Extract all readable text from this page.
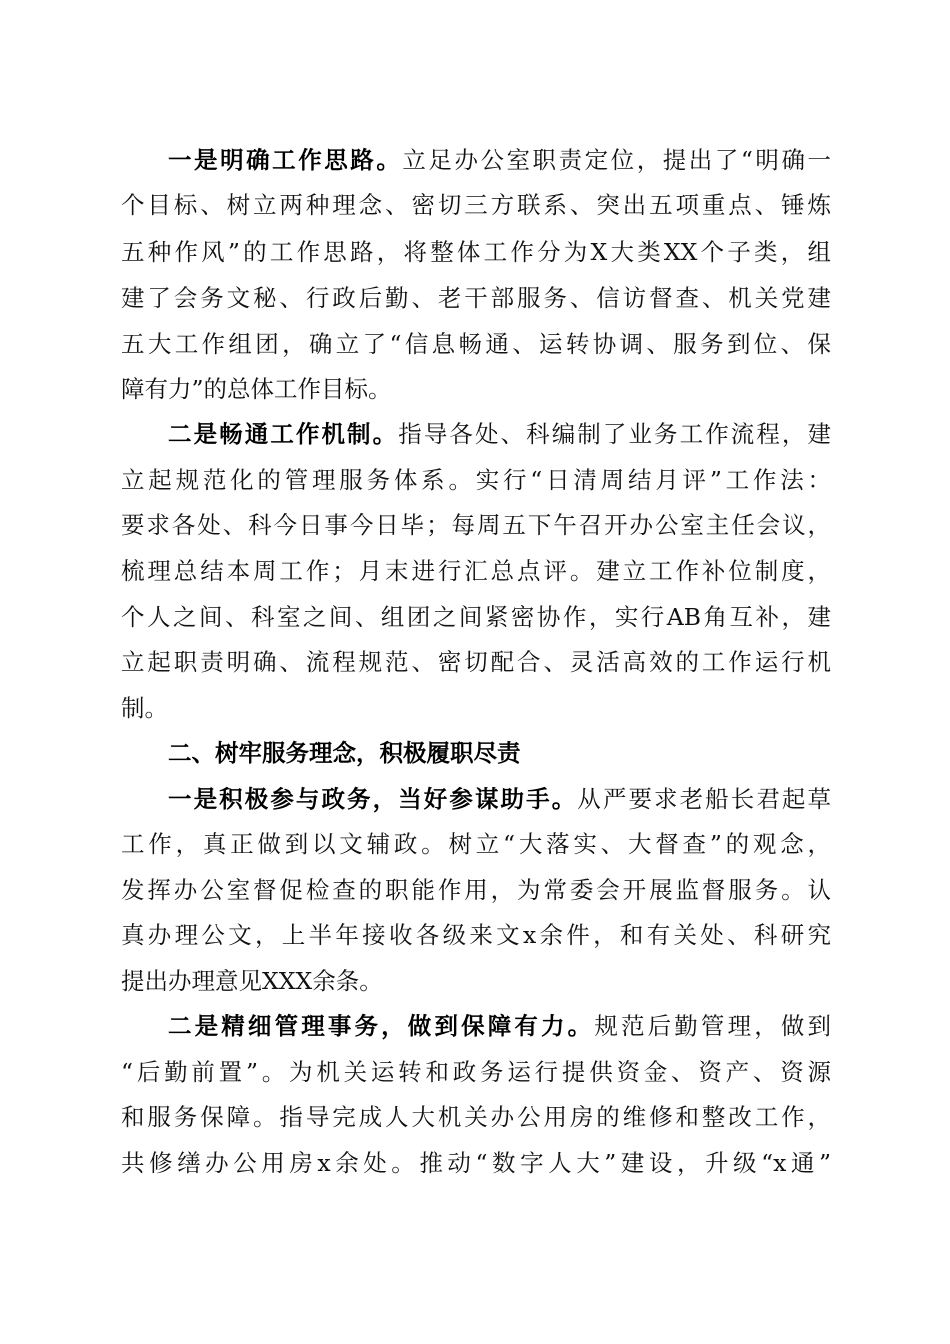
一是明确工作思路。立足办公室职责定位，提出了“明确一
个目标、树立两种理念、密切三方联系、突出五项重点、锤炼
五种作风”的工作思路，将整体工作分为X大类XX个子类，组
建了会务文秘、行政后勤、老干部服务、信访督查、机关党建
五大工作组团，确立了“信息畅通、运转协调、服务到位、保
障有力”的总体工作目标。
二是畅通工作机制。指导各处、科编制了业务工作流程，建
立起规范化的管理服务体系。实行“日清周结月评”工作法：
要求各处、科今日事今日毕；每周五下午召开办公室主任会议，
梳理总结本周工作；月末进行汇总点评。建立工作补位制度，
个人之间、科室之间、组团之间紧密协作，实行AB角互补，建
立起职责明确、流程规范、密切配合、灵活高效的工作运行机
制。
二、树牢服务理念，积极履职尽责
一是积极参与政务，当好参谋助手。从严要求老船长君起草
工作，真正做到以文辅政。树立“大落实、大督查”的观念，
发挥办公室督促检查的职能作用，为常委会开展监督服务。认
真办理公文，上半年接收各级来文x余件，和有关处、科研究
提出办理意见XXX余条。
二是精细管理事务，做到保障有力。规范后勤管理，做到
“后勤前置”。为机关运转和政务运行提供资金、资产、资源
和服务保障。指导完成人大机关办公用房的维修和整改工作，
共修缮办公用房x余处。推动“数字人大”建设，升级“x通”
